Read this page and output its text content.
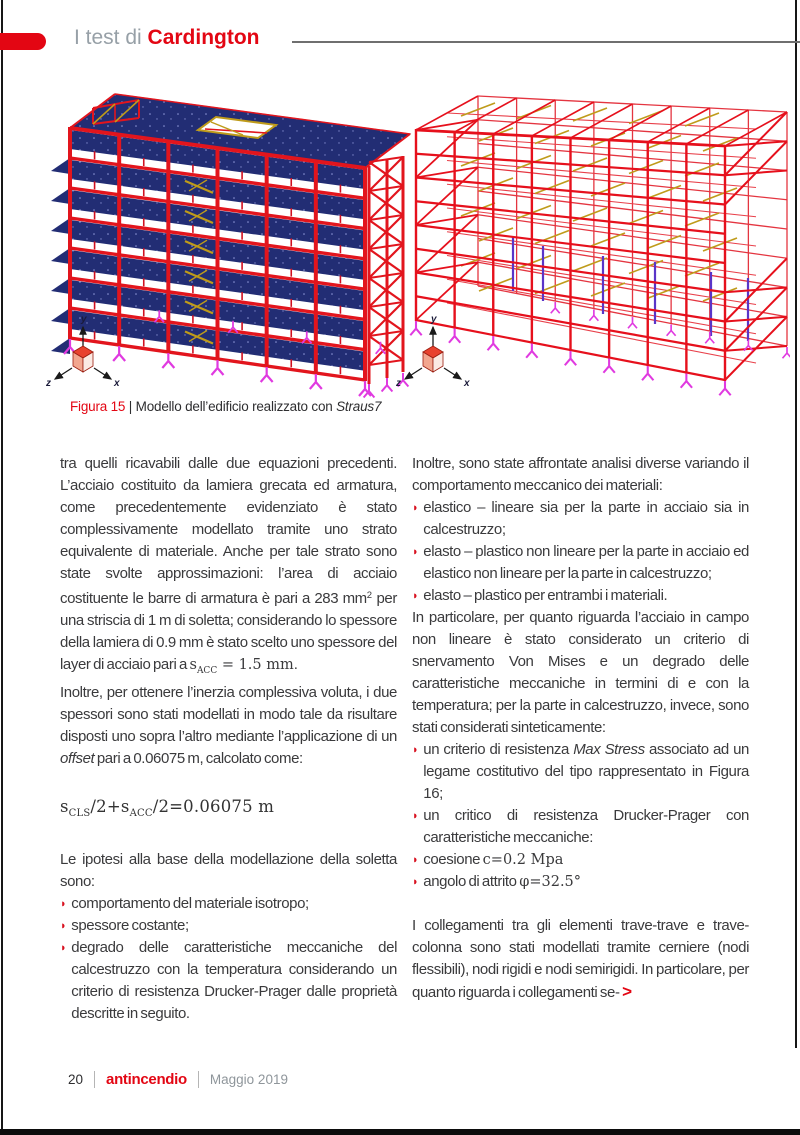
I test di Cardington
y
z	x
y
z	x
Figura 15 | Modello dell’edificio realizzato con Straus7

tra quelli ricavabili dalle due equazioni precedenti. L’acciaio costituito da lamiera grecata ed armatura, come precedentemente evidenziato è stato complessivamente modellato tramite uno strato equivalente di materiale. Anche per tale strato sono state svolte approssimazioni: l’area di acciaio costituente le barre di armatura è pari a 283 $mm^2$ per una striscia di 1 m di soletta; considerando lo spessore della lamiera di 0.9 mm è stato scelto uno spessore del layer di acciaio pari a $s_{ACC} = 1.5$ mm.

Inoltre, per ottenere l’inerzia complessiva voluta, i due spessori sono stati modellati in modo tale da risultare disposti uno sopra l’altro mediante l’applicazione di un offset pari a 0.06075 m, calcolato come:

$s_{CLS}/2+s_{ACC}/2=0.06075$ m

Le ipotesi alla base della modellazione della soletta sono:

◗ comportamento del materiale isotropo;
◗ spessore costante;
◗ degrado delle caratteristiche meccaniche del calcestruzzo con la temperatura considerando un criterio di resistenza Drucker-Prager dalle proprietà descritte in seguito.

Inoltre, sono state affrontate analisi diverse variando il comportamento meccanico dei materiali:

◗ elastico – lineare sia per la parte in acciaio sia in calcestruzzo;
◗ elasto – plastico non lineare per la parte in acciaio ed elastico non lineare per la parte in calcestruzzo;
◗ elasto – plastico per entrambi i materiali.

In particolare, per quanto riguarda l’acciaio in campo non lineare è stato considerato un criterio di snervamento Von Mises e un degrado delle caratteristiche meccaniche in termini di e con la temperatura; per la parte in calcestruzzo, invece, sono stati considerati sinteticamente:

◗ un criterio di resistenza Max Stress associato ad un legame costitutivo del tipo rappresentato in Figura 16;
◗ un critico di resistenza Drucker-Prager con caratteristiche meccaniche:
◗ coesione c=0.2 Mpa
◗ angolo di attrito φ=32.5°

I collegamenti tra gli elementi trave-trave e trave-colonna sono stati modellati tramite cerniere (nodi flessibili), nodi rigidi e nodi semirigidi. In particolare, per quanto riguarda i collegamenti se- >

20 antincendio Maggio 2019
